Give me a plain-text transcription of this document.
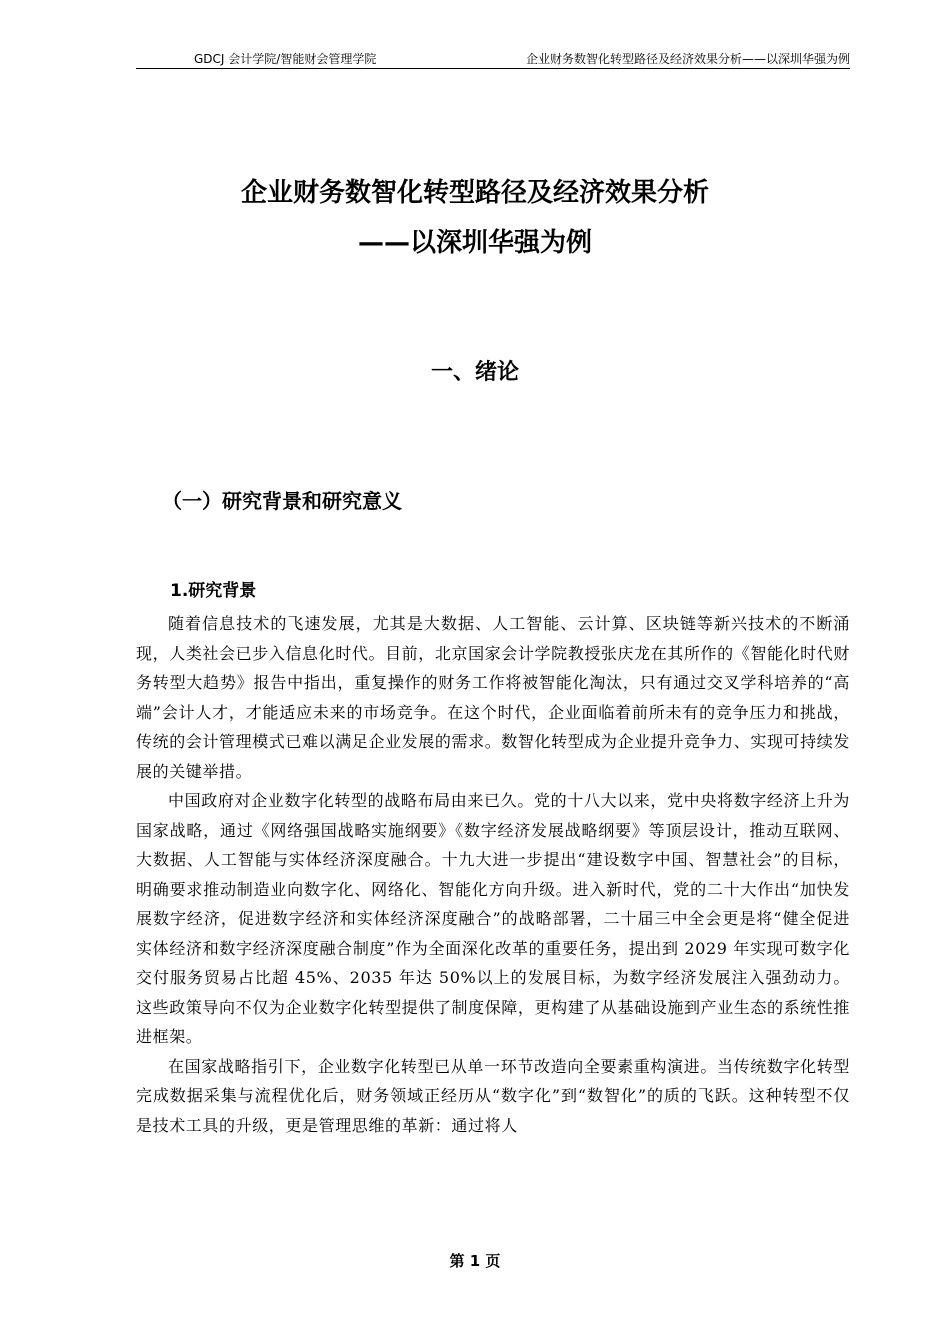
GDCJ 会计学院/智能财会管理学院	企业财务数智化转型路径及经济效果分析——以深圳华强为例
企业财务数智化转型路径及经济效果分析
——以深圳华强为例
一、绪论
（一）研究背景和研究意义
1.研究背景

随着信息技术的飞速发展，尤其是大数据、人工智能、云计算、区块链等新兴技术的不断涌现，人类社会已步入信息化时代。目前，北京国家会计学院教授张庆龙在其所作的《智能化时代财务转型大趋势》报告中指出，重复操作的财务工作将被智能化淘汰，只有通过交叉学科培养的“高端”会计人才，才能适应未来的市场竞争。在这个时代，企业面临着前所未有的竞争压力和挑战，传统的会计管理模式已难以满足企业发展的需求。数智化转型成为企业提升竞争力、实现可持续发展的关键举措。

中国政府对企业数字化转型的战略布局由来已久。党的十八大以来，党中央将数字经济上升为国家战略，通过《网络强国战略实施纲要》《数字经济发展战略纲要》等顶层设计，推动互联网、大数据、人工智能与实体经济深度融合。十九大进一步提出“建设数字中国、智慧社会”的目标，明确要求推动制造业向数字化、网络化、智能化方向升级。进入新时代，党的二十大作出“加快发展数字经济，促进数字经济和实体经济深度融合”的战略部署，二十届三中全会更是将“健全促进实体经济和数字经济深度融合制度”作为全面深化改革的重要任务，提出到 2029 年实现可数字化交付服务贸易占比超 45%、2035 年达 50%以上的发展目标，为数字经济发展注入强劲动力。这些政策导向不仅为企业数字化转型提供了制度保障，更构建了从基础设施到产业生态的系统性推进框架。

在国家战略指引下，企业数字化转型已从单一环节改造向全要素重构演进。当传统数字化转型完成数据采集与流程优化后，财务领域正经历从“数字化”到“数智化”的质的飞跃。这种转型不仅是技术工具的升级，更是管理思维的革新：通过将人

第 1 页
